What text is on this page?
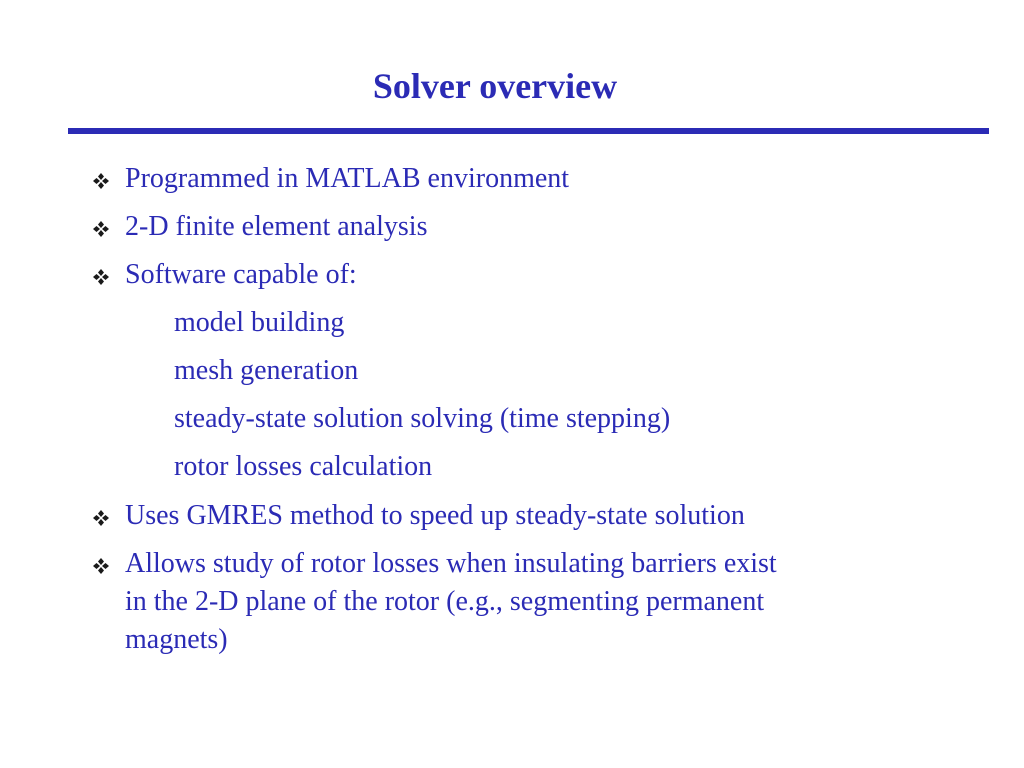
Solver overview
Programmed in MATLAB environment
2-D finite element analysis
Software capable of:
model building
mesh generation
steady-state solution solving (time stepping)
rotor losses calculation
Uses GMRES method to speed up steady-state solution
Allows study of rotor losses when insulating barriers exist
in the 2-D plane of the rotor (e.g., segmenting permanent
magnets)
